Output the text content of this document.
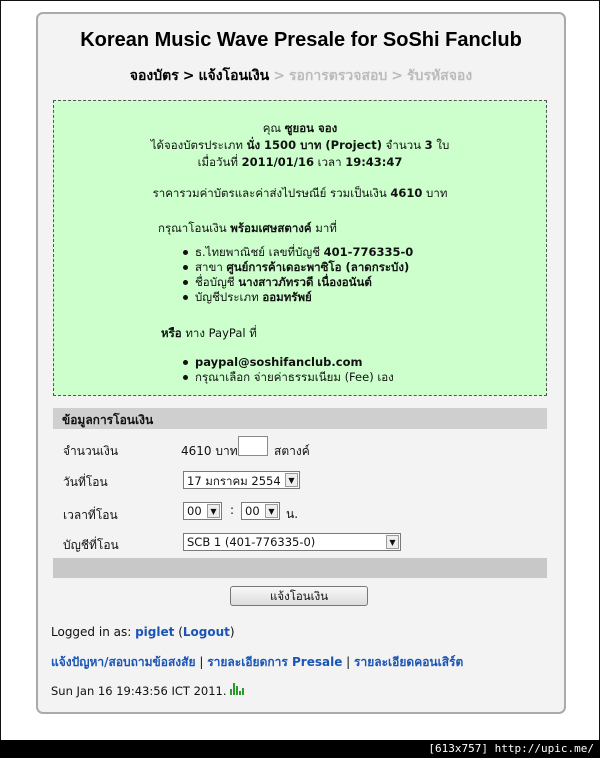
Korean Music Wave Presale for SoShi Fanclub
จองบัตร > แจ้งโอนเงิน > รอการตรวจสอบ > รับรหัสจอง
คุณ ซูยอน จอง
ได้จองบัตรประเภท นั่ง 1500 บาท (Project) จำนวน 3 ใบ
เมื่อวันที่ 2011/01/16 เวลา 19:43:47
ราคารวมค่าบัตรและค่าส่งไปรษณีย์ รวมเป็นเงิน 4610 บาท
กรุณาโอนเงิน พร้อมเศษสตางค์ มาที่
ธ.ไทยพาณิชย์ เลขที่บัญชี 401-776335-0
สาขา ศูนย์การค้าเดอะพาซิโอ (ลาดกระบัง)
ชื่อบัญชี นางสาวภัทรวดี เนื่องอนันต์
บัญชีประเภท ออมทรัพย์
หรือ ทาง PayPal ที่
paypal@soshifanclub.com
กรุณาเลือก จ่ายค่าธรรมเนียม (Fee) เอง
ข้อมูลการโอนเงิน
จำนวนเงิน	4610 บาท	สตางค์
วันที่โอน	17 มกราคม 2554 ▼
เวลาที่โอน	00	▼ : 00	▼ น.
บัญชีที่โอน	SCB 1 (401-776335-0)	▼
แจ้งโอนเงิน
Logged in as: piglet (Logout)
แจ้งปัญหา/สอบถามข้อสงสัย | รายละเอียดการ Presale | รายละเอียดคอนเสิร์ต
Sun Jan 16 19:43:56 ICT 2011.
[613x757] http://upic.me/
